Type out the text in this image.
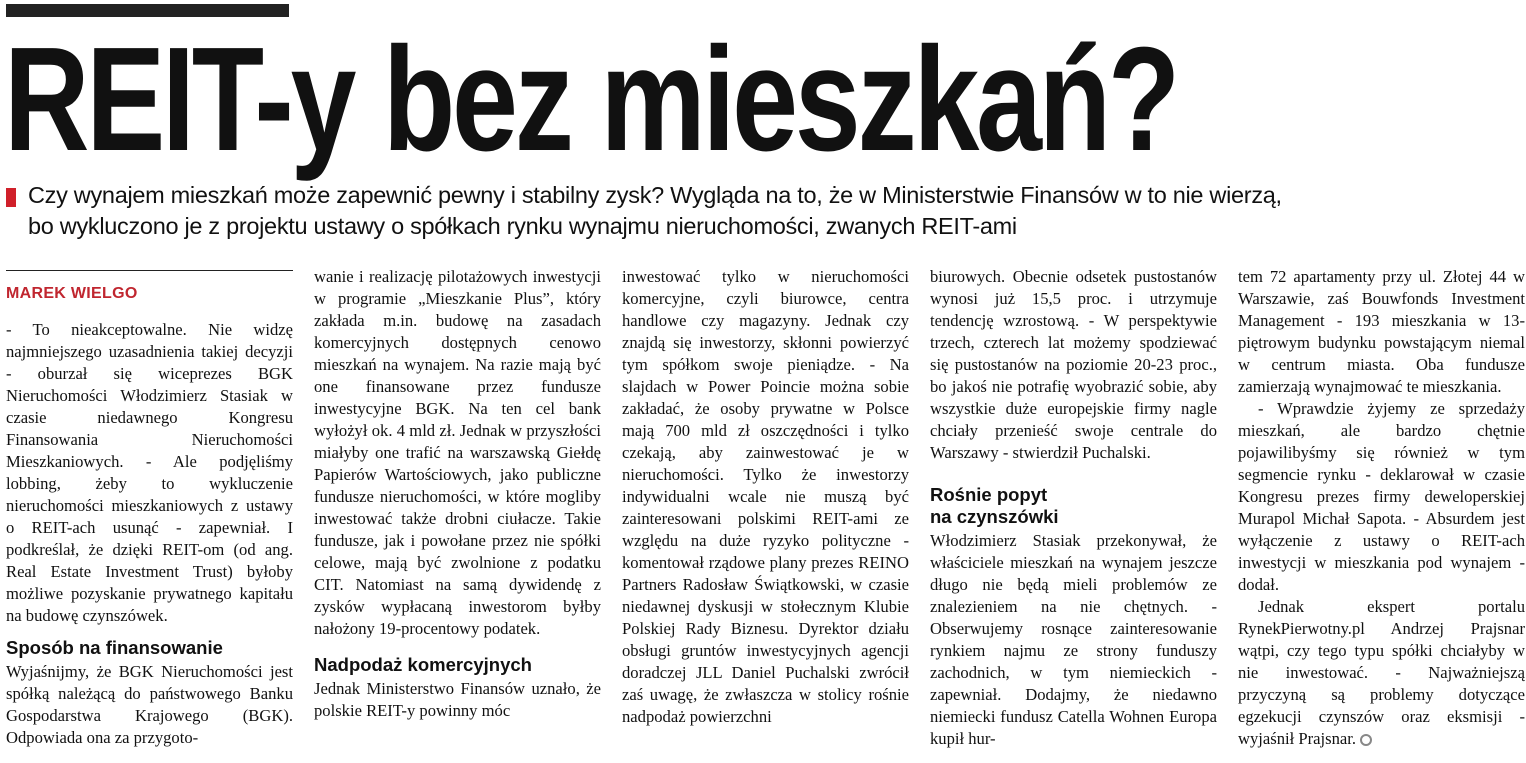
REIT-y bez mieszkań?

Czy wynajem mieszkań może zapewnić pewny i stabilny zysk? Wygląda na to, że w Ministerstwie Finansów w to nie wierzą,
bo wykluczono je z projektu ustawy o spółkach rynku wynajmu nieruchomości, zwanych REIT-ami

MAREK WIELGO

- To nieakceptowalne. Nie widzę najmniejszego uzasadnienia takiej decyzji - oburzał się wiceprezes BGK Nieruchomości Włodzimierz Stasiak w czasie niedawnego Kongresu Finansowania Nieruchomości Mieszkaniowych. - Ale podjęliśmy lobbing, żeby to wykluczenie nieruchomości mieszkaniowych z ustawy o REIT-ach usunąć - zapewniał. I podkreślał, że dzięki REIT-om (od ang. Real Estate Investment Trust) byłoby możliwe pozyskanie prywatnego kapitału na budowę czynszówek.

Sposób na finansowanie

Wyjaśnijmy, że BGK Nieruchomości jest spółką należącą do państwowego Banku Gospodarstwa Krajowego (BGK). Odpowiada ona za przygoto-

wanie i realizację pilotażowych inwestycji w programie „Mieszkanie Plus”, który zakłada m.in. budowę na zasadach komercyjnych dostępnych cenowo mieszkań na wynajem. Na razie mają być one finansowane przez fundusze inwestycyjne BGK. Na ten cel bank wyłożył ok. 4 mld zł. Jednak w przyszłości miałyby one trafić na warszawską Giełdę Papierów Wartościowych, jako publiczne fundusze nieruchomości, w które mogliby inwestować także drobni ciułacze. Takie fundusze, jak i powołane przez nie spółki celowe, mają być zwolnione z podatku CIT. Natomiast na samą dywidendę z zysków wypłacaną inwestorom byłby nałożony 19-procentowy podatek.

Nadpodaż komercyjnych

Jednak Ministerstwo Finansów uznało, że polskie REIT-y powinny móc

inwestować tylko w nieruchomości komercyjne, czyli biurowce, centra handlowe czy magazyny. Jednak czy znajdą się inwestorzy, skłonni powierzyć tym spółkom swoje pieniądze. - Na slajdach w Power Poincie można sobie zakładać, że osoby prywatne w Polsce mają 700 mld zł oszczędności i tylko czekają, aby zainwestować je w nieruchomości. Tylko że inwestorzy indywidualni wcale nie muszą być zainteresowani polskimi REIT-ami ze względu na duże ryzyko polityczne - komentował rządowe plany prezes REINO Partners Radosław Świątkowski, w czasie niedawnej dyskusji w stołecznym Klubie Polskiej Rady Biznesu. Dyrektor działu obsługi gruntów inwestycyjnych agencji doradczej JLL Daniel Puchalski zwrócił zaś uwagę, że zwłaszcza w stolicy rośnie nadpodaż powierzchni

biurowych. Obecnie odsetek pustostanów wynosi już 15,5 proc. i utrzymuje tendencję wzrostową. - W perspektywie trzech, czterech lat możemy spodziewać się pustostanów na poziomie 20-23 proc., bo jakoś nie potrafię wyobrazić sobie, aby wszystkie duże europejskie firmy nagle chciały przenieść swoje centrale do Warszawy - stwierdził Puchalski.

Rośnie popyt
na czynszówki

Włodzimierz Stasiak przekonywał, że właściciele mieszkań na wynajem jeszcze długo nie będą mieli problemów ze znalezieniem na nie chętnych. - Obserwujemy rosnące zainteresowanie rynkiem najmu ze strony funduszy zachodnich, w tym niemieckich - zapewniał. Dodajmy, że niedawno niemiecki fundusz Catella Wohnen Europa kupił hur-

tem 72 apartamenty przy ul. Złotej 44 w Warszawie, zaś Bouwfonds Investment Management - 193 mieszkania w 13-piętrowym budynku powstającym niemal w centrum miasta. Oba fundusze zamierzają wynajmować te mieszkania.

- Wprawdzie żyjemy ze sprzedaży mieszkań, ale bardzo chętnie pojawilibyśmy się również w tym segmencie rynku - deklarował w czasie Kongresu prezes firmy deweloperskiej Murapol Michał Sapota. - Absurdem jest wyłączenie z ustawy o REIT-ach inwestycji w mieszkania pod wynajem - dodał.

Jednak ekspert portalu RynekPierwotny.pl Andrzej Prajsnar wątpi, czy tego typu spółki chciałyby w nie inwestować. - Najważniejszą przyczyną są problemy dotyczące egzekucji czynszów oraz eksmisji - wyjaśnił Prajsnar.
